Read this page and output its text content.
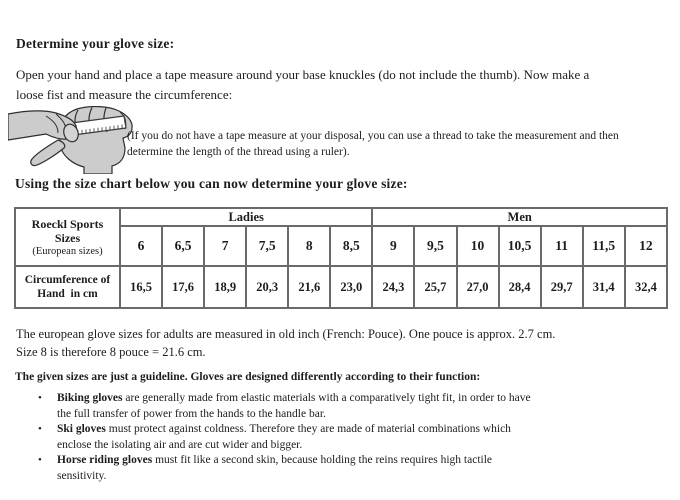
Determine your glove size:
Open your hand and place a tape measure around your base knuckles (do not include the thumb). Now make a
loose fist and measure the circumference:
(If you do not have a tape measure at your disposal, you can use a thread to take the measurement and then
determine the length of the thread using a ruler).
Using the size chart below you can now determine your glove size:
Roeckl Sports
Sizes
(European sizes)	Ladies						Men						
	6	6,5	7	7,5	8	8,5	9	9,5	10	10,5	11	11,5	12

Circumference of
Hand  in cm	16,5	17,6	18,9	20,3	21,6	23,0	24,3	25,7	27,0	28,4	29,7	31,4	32,4
The european glove sizes for adults are measured in old inch (French: Pouce). One pouce is approx. 2.7 cm.
Size 8 is therefore 8 pouce = 21.6 cm.
The given sizes are just a guideline. Gloves are designed differently according to their function:
•	Biking gloves are generally made from elastic materials with a comparatively tight fit, in order to have
the full transfer of power from the hands to the handle bar.
•	Ski gloves must protect against coldness. Therefore they are made of material combinations which
enclose the isolating air and are cut wider and bigger.
•	Horse riding gloves must fit like a second skin, because holding the reins requires high tactile
sensitivity.
